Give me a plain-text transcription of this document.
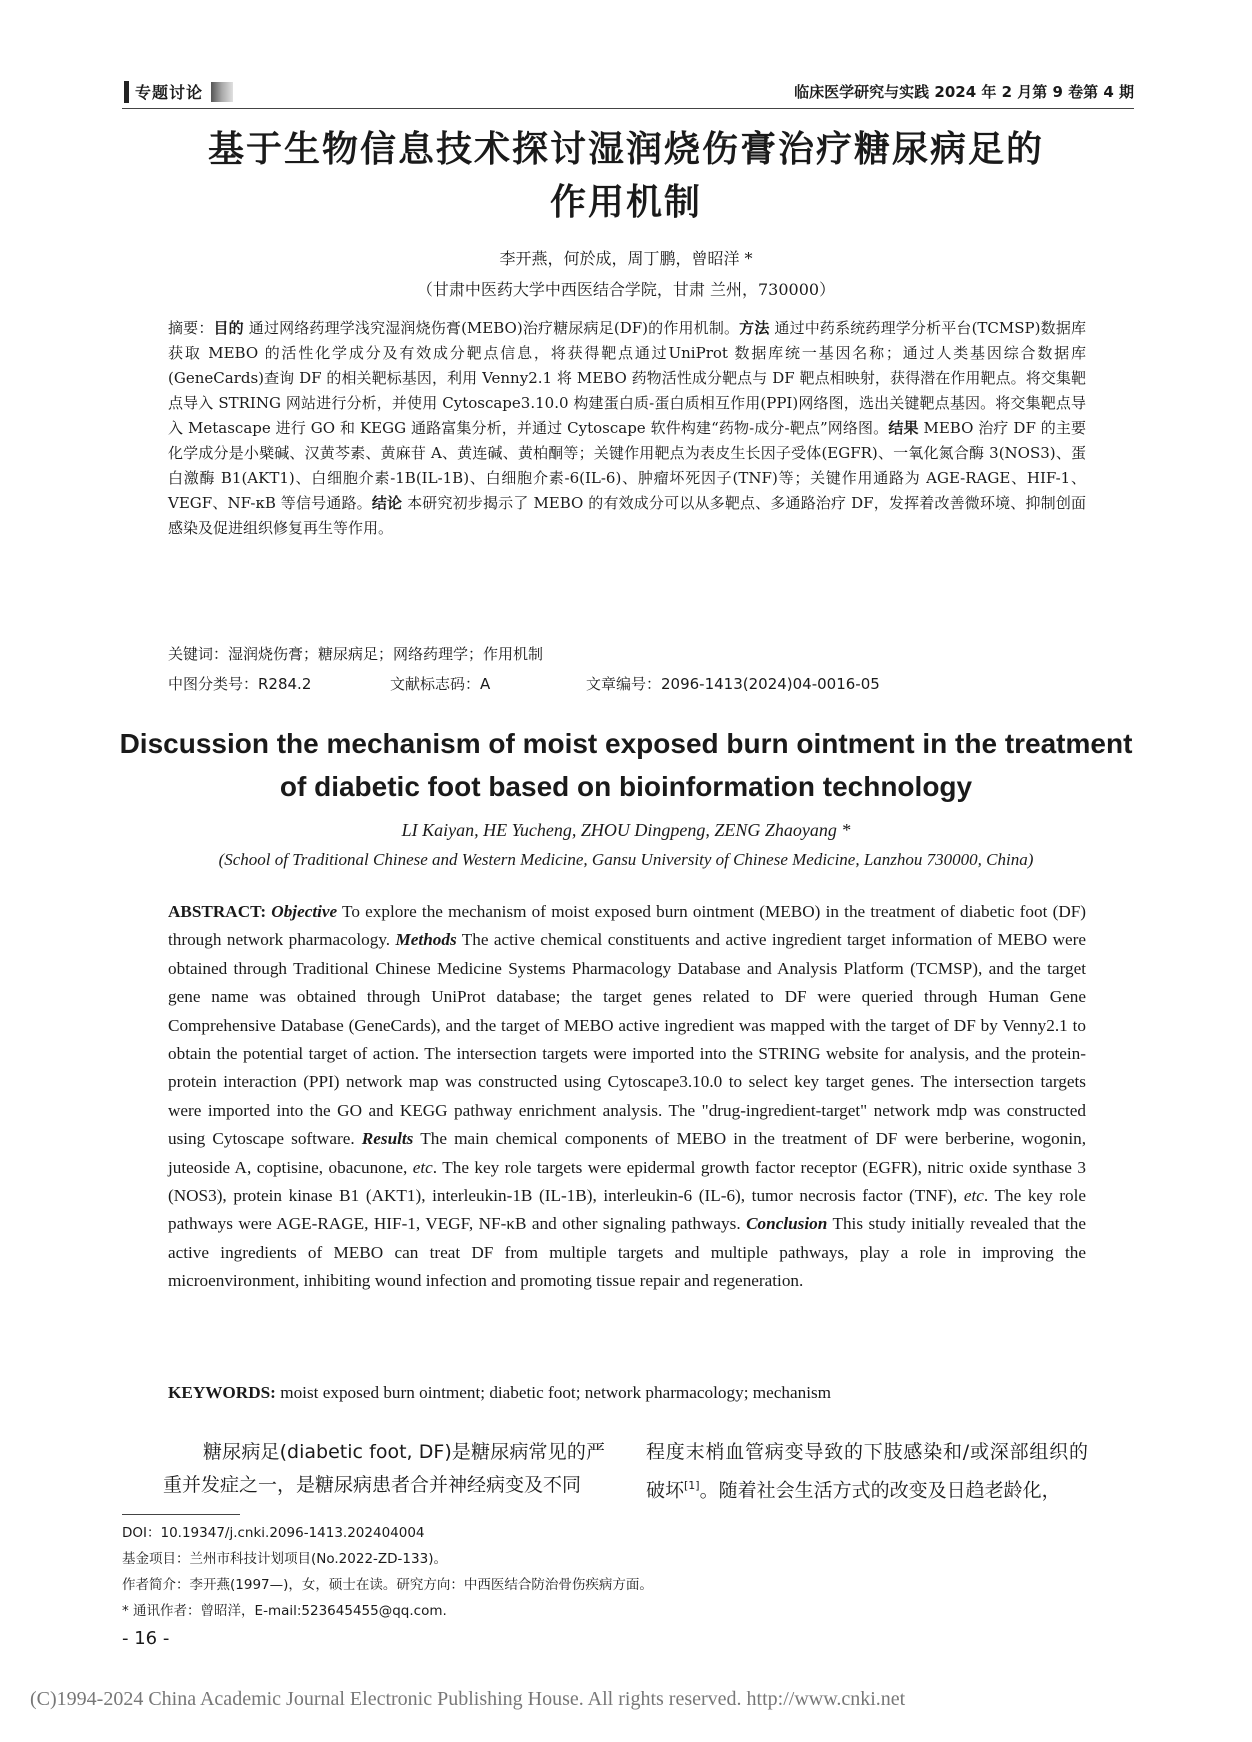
专题讨论	临床医学研究与实践 2024 年 2 月第 9 卷第 4 期
基于生物信息技术探讨湿润烧伤膏治疗糖尿病足的
作用机制
李开燕，何於成，周丁鹏，曾昭洋 *
（甘肃中医药大学中西医结合学院，甘肃 兰州，730000）
摘要：目的 通过网络药理学浅究湿润烧伤膏(MEBO)治疗糖尿病足(DF)的作用机制。方法 通过中药系统药理学分析平台(TCMSP)数据库获取 MEBO 的活性化学成分及有效成分靶点信息，将获得靶点通过UniProt 数据库统一基因名称；通过人类基因综合数据库(GeneCards)查询 DF 的相关靶标基因，利用 Venny2.1 将 MEBO 药物活性成分靶点与 DF 靶点相映射，获得潜在作用靶点。将交集靶点导入 STRING 网站进行分析，并使用 Cytoscape3.10.0 构建蛋白质-蛋白质相互作用(PPI)网络图，选出关键靶点基因。将交集靶点导入 Metascape 进行 GO 和 KEGG 通路富集分析，并通过 Cytoscape 软件构建“药物-成分-靶点”网络图。结果 MEBO 治疗 DF 的主要化学成分是小檗碱、汉黄芩素、黄麻苷 A、黄连碱、黄柏酮等；关键作用靶点为表皮生长因子受体(EGFR)、一氧化氮合酶 3(NOS3)、蛋白激酶 B1(AKT1)、白细胞介素-1B(IL-1B)、白细胞介素-6(IL-6)、肿瘤坏死因子(TNF)等；关键作用通路为 AGE-RAGE、HIF-1、VEGF、NF-κB 等信号通路。结论 本研究初步揭示了 MEBO 的有效成分可以从多靶点、多通路治疗 DF，发挥着改善微环境、抑制创面感染及促进组织修复再生等作用。
关键词：湿润烧伤膏；糖尿病足；网络药理学；作用机制
中图分类号：R284.2	文献标志码：A	文章编号：2096-1413(2024)04-0016-05
Discussion the mechanism of moist exposed burn ointment in the treatment
of diabetic foot based on bioinformation technology
LI Kaiyan, HE Yucheng, ZHOU Dingpeng, ZENG Zhaoyang *
(School of Traditional Chinese and Western Medicine, Gansu University of Chinese Medicine, Lanzhou 730000, China)
ABSTRACT: Objective To explore the mechanism of moist exposed burn ointment (MEBO) in the treatment of diabetic foot (DF) through network pharmacology. Methods The active chemical constituents and active ingredient target information of MEBO were obtained through Traditional Chinese Medicine Systems Pharmacology Database and Analysis Platform (TCMSP), and the target gene name was obtained through UniProt database; the target genes related to DF were queried through Human Gene Comprehensive Database (GeneCards), and the target of MEBO active ingredient was mapped with the target of DF by Venny2.1 to obtain the potential target of action. The intersection targets were imported into the STRING website for analysis, and the protein-protein interaction (PPI) network map was constructed using Cytoscape3.10.0 to select key target genes. The intersection targets were imported into the GO and KEGG pathway enrichment analysis. The "drug-ingredient-target" network mdp was constructed using Cytoscape software. Results The main chemical components of MEBO in the treatment of DF were berberine, wogonin, juteoside A, coptisine, obacunone, etc. The key role targets were epidermal growth factor receptor (EGFR), nitric oxide synthase 3 (NOS3), protein kinase B1 (AKT1), interleukin-1B (IL-1B), interleukin-6 (IL-6), tumor necrosis factor (TNF), etc. The key role pathways were AGE-RAGE, HIF-1, VEGF, NF-κB and other signaling pathways. Conclusion This study initially revealed that the active ingredients of MEBO can treat DF from multiple targets and multiple pathways, play a role in improving the microenvironment, inhibiting wound infection and promoting tissue repair and regeneration.
KEYWORDS: moist exposed burn ointment; diabetic foot; network pharmacology; mechanism
糖尿病足(diabetic foot, DF)是糖尿病常见的严重并发症之一，是糖尿病患者合并神经病变及不同
程度末梢血管病变导致的下肢感染和/或深部组织的破坏[1]。随着社会生活方式的改变及日趋老龄化，
DOI：10.19347/j.cnki.2096-1413.202404004
基金项目：兰州市科技计划项目(No.2022-ZD-133)。
作者简介：李开燕(1997—)，女，硕士在读。研究方向：中西医结合防治骨伤疾病方面。
* 通讯作者：曾昭洋，E-mail:523645455@qq.com.
- 16 -
(C)1994-2024 China Academic Journal Electronic Publishing House. All rights reserved. http://www.cnki.net
